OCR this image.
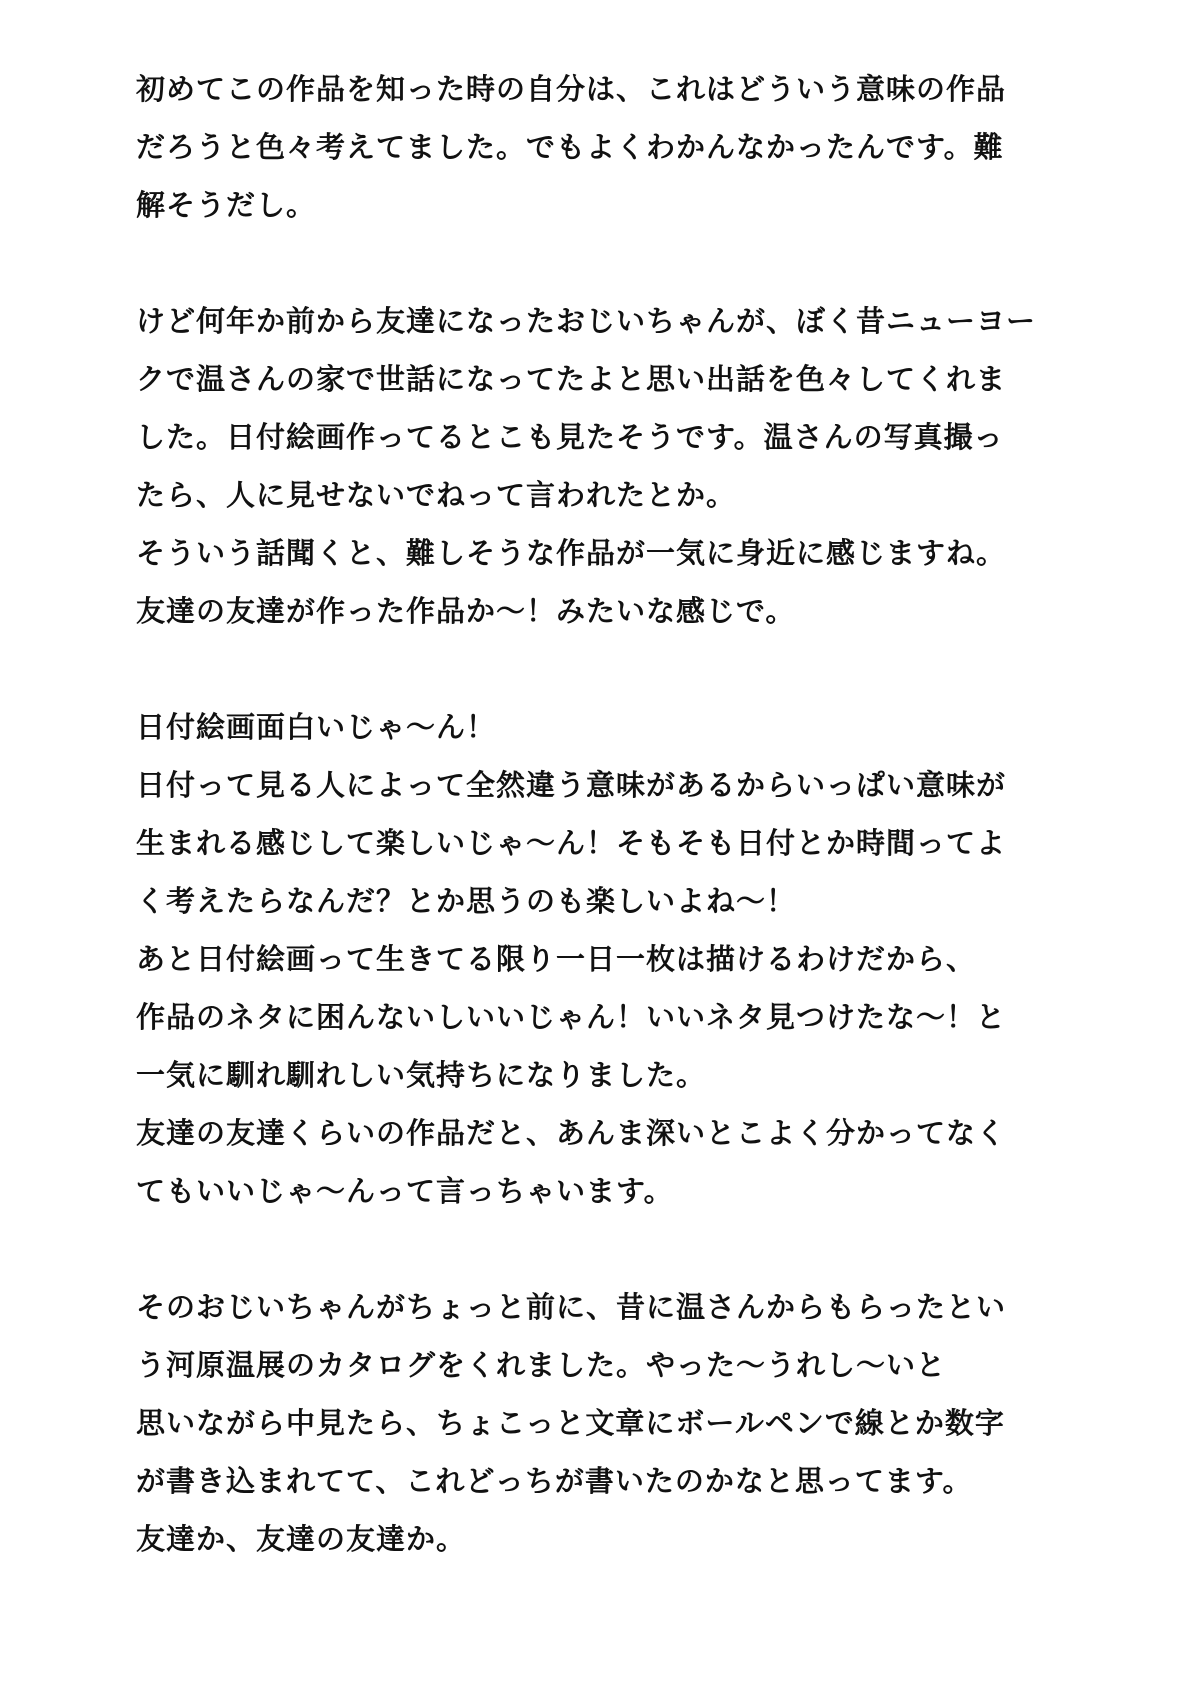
初めてこの作品を知った時の自分は、これはどういう意味の作品
だろうと色々考えてました。でもよくわかんなかったんです。難
解そうだし。
けど何年か前から友達になったおじいちゃんが、ぼく昔ニューヨー
クで温さんの家で世話になってたよと思い出話を色々してくれま
した。日付絵画作ってるとこも見たそうです。温さんの写真撮っ
たら、人に見せないでねって言われたとか。
そういう話聞くと、難しそうな作品が一気に身近に感じますね。
友達の友達が作った作品か～！みたいな感じで。
日付絵画面白いじゃ～ん！
日付って見る人によって全然違う意味があるからいっぱい意味が
生まれる感じして楽しいじゃ～ん！そもそも日付とか時間ってよ
く考えたらなんだ？とか思うのも楽しいよね～！
あと日付絵画って生きてる限り一日一枚は描けるわけだから、
作品のネタに困んないしいいじゃん！いいネタ見つけたな～！と
一気に馴れ馴れしい気持ちになりました。
友達の友達くらいの作品だと、あんま深いとこよく分かってなく
てもいいじゃ～んって言っちゃいます。
そのおじいちゃんがちょっと前に、昔に温さんからもらったとい
う河原温展のカタログをくれました。やった～うれし～いと
思いながら中見たら、ちょこっと文章にボールペンで線とか数字
が書き込まれてて、これどっちが書いたのかなと思ってます。
友達か、友達の友達か。
